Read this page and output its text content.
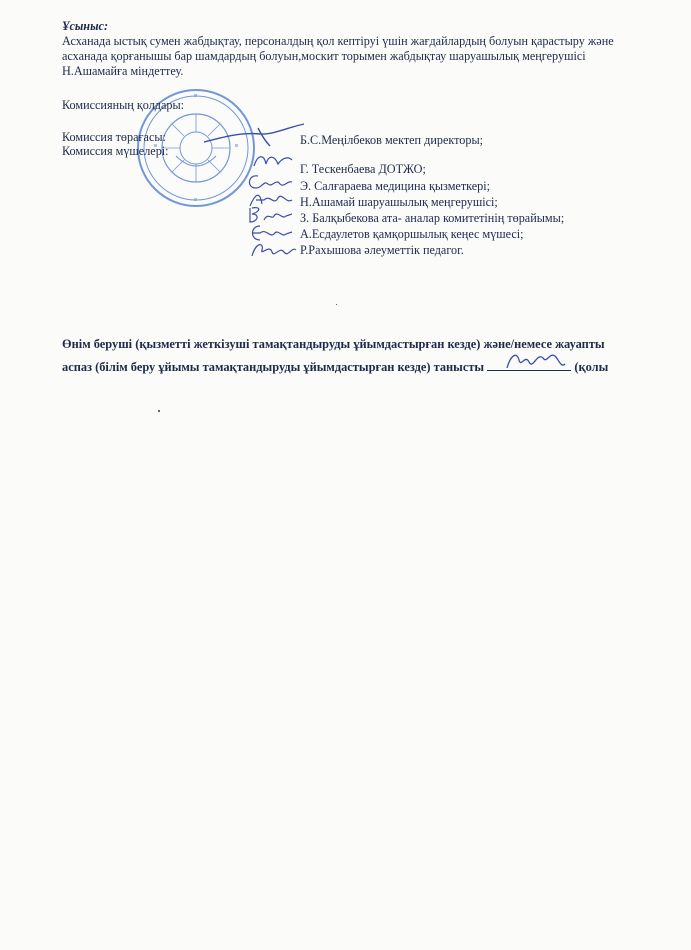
Ұсыныс:
Асханада ыстық сумен жабдықтау, персоналдың қол кептіруі үшін жағдайлардың болуын қарастыру және
асханада қорғанышы бар шамдардың болуын,москит торымен жабдықтау шаруашылық меңгерушісі
Н.Ашамайға міндеттеу.
Комиссияның қолдары:
Комиссия төрағасы:
Комиссия мүшелері:
Б.С.Меңілбеков мектеп директоры;
Г. Тескенбаева ДОТЖО;
Э. Салғараева медицина қызметкері;
Н.Ашамай шаруашылық меңгерушісі;
З. Балқыбекова ата- аналар комитетінің төрайымы;
А.Есдаулетов қамқоршылық кеңес мүшесі;
Р.Рахышова әлеуметтік педагог.
Өнім беруші (қызметті жеткізуші тамақтандыруды ұйымдастырған кезде) және/немесе жауапты
аспаз (білім беру ұйымы тамақтандыруды ұйымдастырған кезде) танысты	(қолы
